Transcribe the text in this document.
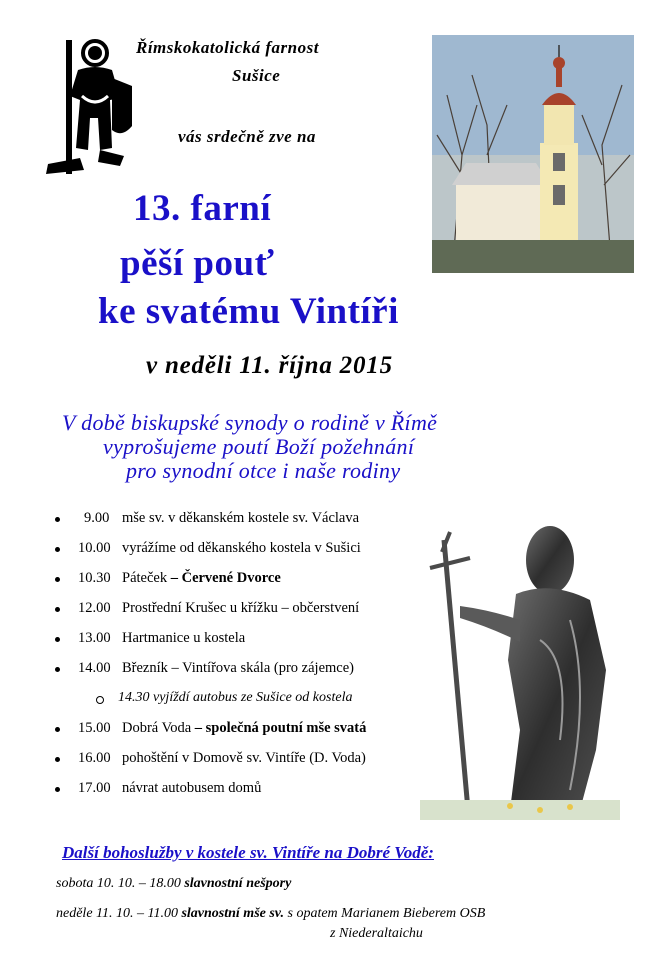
Římskokatolická farnost
Sušice
vás srdečně zve na
13. farní
pěší pouť
ke svatému Vintíři
v neděli 11. října 2015
V době biskupské synody o rodině v Římě
vyprošujeme poutí Boží požehnání
pro synodní otce i naše rodiny
9.00 mše sv. v děkanském kostele sv. Václava
10.00 vyrážíme od děkanského kostela v Sušici
10.30 Páteček – Červené Dvorce
12.00 Prostřední Krušec u křížku – občerstvení
13.00 Hartmanice u kostela
14.00 Březník – Vintířova skála (pro zájemce)
14.30 vyjíždí autobus ze Sušice od kostela
15.00 Dobrá Voda – společná poutní mše svatá
16.00 pohoštění v Domově sv. Vintíře (D. Voda)
17.00 návrat autobusem domů
Další bohoslužby v kostele sv. Vintíře na Dobré Vodě:
sobota 10. 10. – 18.00 slavnostní nešpory
neděle 11. 10. – 11.00 slavnostní mše sv. s opatem Marianem Bieberem OSB
z Niederaltaichu
